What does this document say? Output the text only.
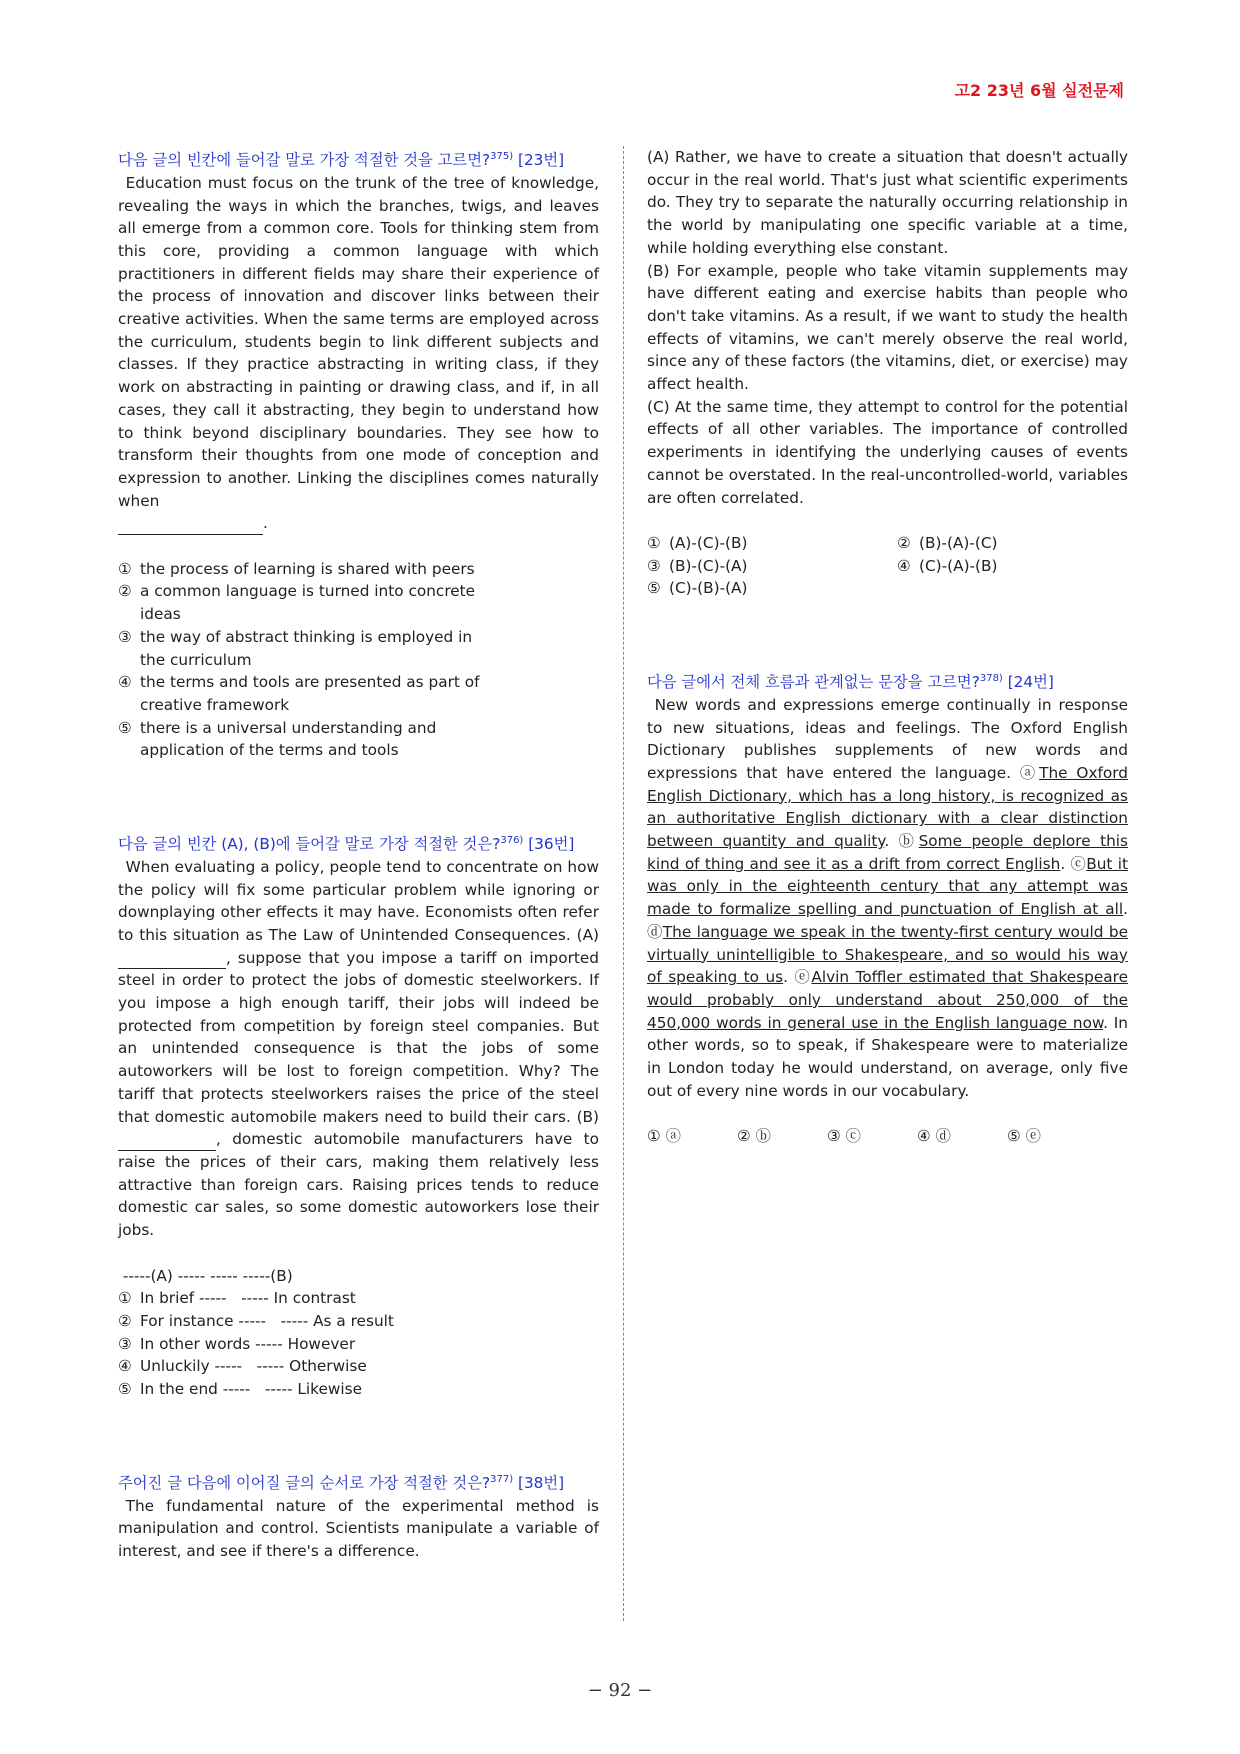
고2 23년 6월 실전문제

다음 글의 빈칸에 들어갈 말로 가장 적절한 것을 고르면?$^{375)}$ [23번]

Education must focus on the trunk of the tree of knowledge, revealing the ways in which the branches, twigs, and leaves all emerge from a common core. Tools for thinking stem from this core, providing a common language with which practitioners in different fields may share their experience of the process of innovation and discover links between their creative activities. When the same terms are employed across the curriculum, students begin to link different subjects and classes. If they practice abstracting in writing class, if they work on abstracting in painting or drawing class, and if, in all cases, they call it abstracting, they begin to understand how to think beyond disciplinary boundaries. They see how to transform their thoughts from one mode of conception and expression to another. Linking the disciplines comes naturally when
.

① the process of learning is shared with peers
② a common language is turned into concrete ideas
③ the way of abstract thinking is employed in the curriculum
④ the terms and tools are presented as part of creative framework
⑤ there is a universal understanding and application of the terms and tools

다음 글의 빈칸 (A), (B)에 들어갈 말로 가장 적절한 것은?$^{376)}$ [36번]

When evaluating a policy, people tend to concentrate on how the policy will fix some particular problem while ignoring or downplaying other effects it may have. Economists often refer to this situation as The Law of Unintended Consequences. (A), suppose that you impose a tariff on imported steel in order to protect the jobs of domestic steelworkers. If you impose a high enough tariff, their jobs will indeed be protected from competition by foreign steel companies. But an unintended consequence is that the jobs of some autoworkers will be lost to foreign competition. Why? The tariff that protects steelworkers raises the price of the steel that domestic automobile makers need to build their cars. (B), domestic automobile manufacturers have to raise the prices of their cars, making them relatively less attractive than foreign cars. Raising prices tends to reduce domestic car sales, so some domestic autoworkers lose their jobs.

-----(A) ----- ----- -----(B)
① In brief -----   ----- In contrast
② For instance -----   ----- As a result
③ In other words ----- However
④ Unluckily -----   ----- Otherwise
⑤ In the end -----   ----- Likewise

주어진 글 다음에 이어질 글의 순서로 가장 적절한 것은?$^{377)}$ [38번]

The fundamental nature of the experimental method is manipulation and control. Scientists manipulate a variable of interest, and see if there's a difference.

(A) Rather, we have to create a situation that doesn't actually occur in the real world. That's just what scientific experiments do. They try to separate the naturally occurring relationship in the world by manipulating one specific variable at a time, while holding everything else constant.

(B) For example, people who take vitamin supplements may have different eating and exercise habits than people who don't take vitamins. As a result, if we want to study the health effects of vitamins, we can't merely observe the real world, since any of these factors (the vitamins, diet, or exercise) may affect health.

(C) At the same time, they attempt to control for the potential effects of all other variables. The importance of controlled experiments in identifying the underlying causes of events cannot be overstated. In the real-uncontrolled-world, variables are often correlated.

① (A)-(C)-(B)	② (B)-(A)-(C)
③ (B)-(C)-(A)	④ (C)-(A)-(B)
⑤ (C)-(B)-(A)

다음 글에서 전체 흐름과 관계없는 문장을 고르면?$^{378)}$ [24번]

New words and expressions emerge continually in response to new situations, ideas and feelings. The Oxford English Dictionary publishes supplements of new words and expressions that have entered the language. ⓐThe Oxford English Dictionary, which has a long history, is recognized as an authoritative English dictionary with a clear distinction between quantity and quality. ⓑSome people deplore this kind of thing and see it as a drift from correct English. ⓒBut it was only in the eighteenth century that any attempt was made to formalize spelling and punctuation of English at all. ⓓThe language we speak in the twenty-first century would be virtually unintelligible to Shakespeare, and so would his way of speaking to us. ⓔAlvin Toffler estimated that Shakespeare would probably only understand about 250,000 of the 450,000 words in general use in the English language now. In other words, so to speak, if Shakespeare were to materialize in London today he would understand, on average, only five out of every nine words in our vocabulary.

① ⓐ	② ⓑ	③ ⓒ	④ ⓓ	⑤ ⓔ
− 92 −
